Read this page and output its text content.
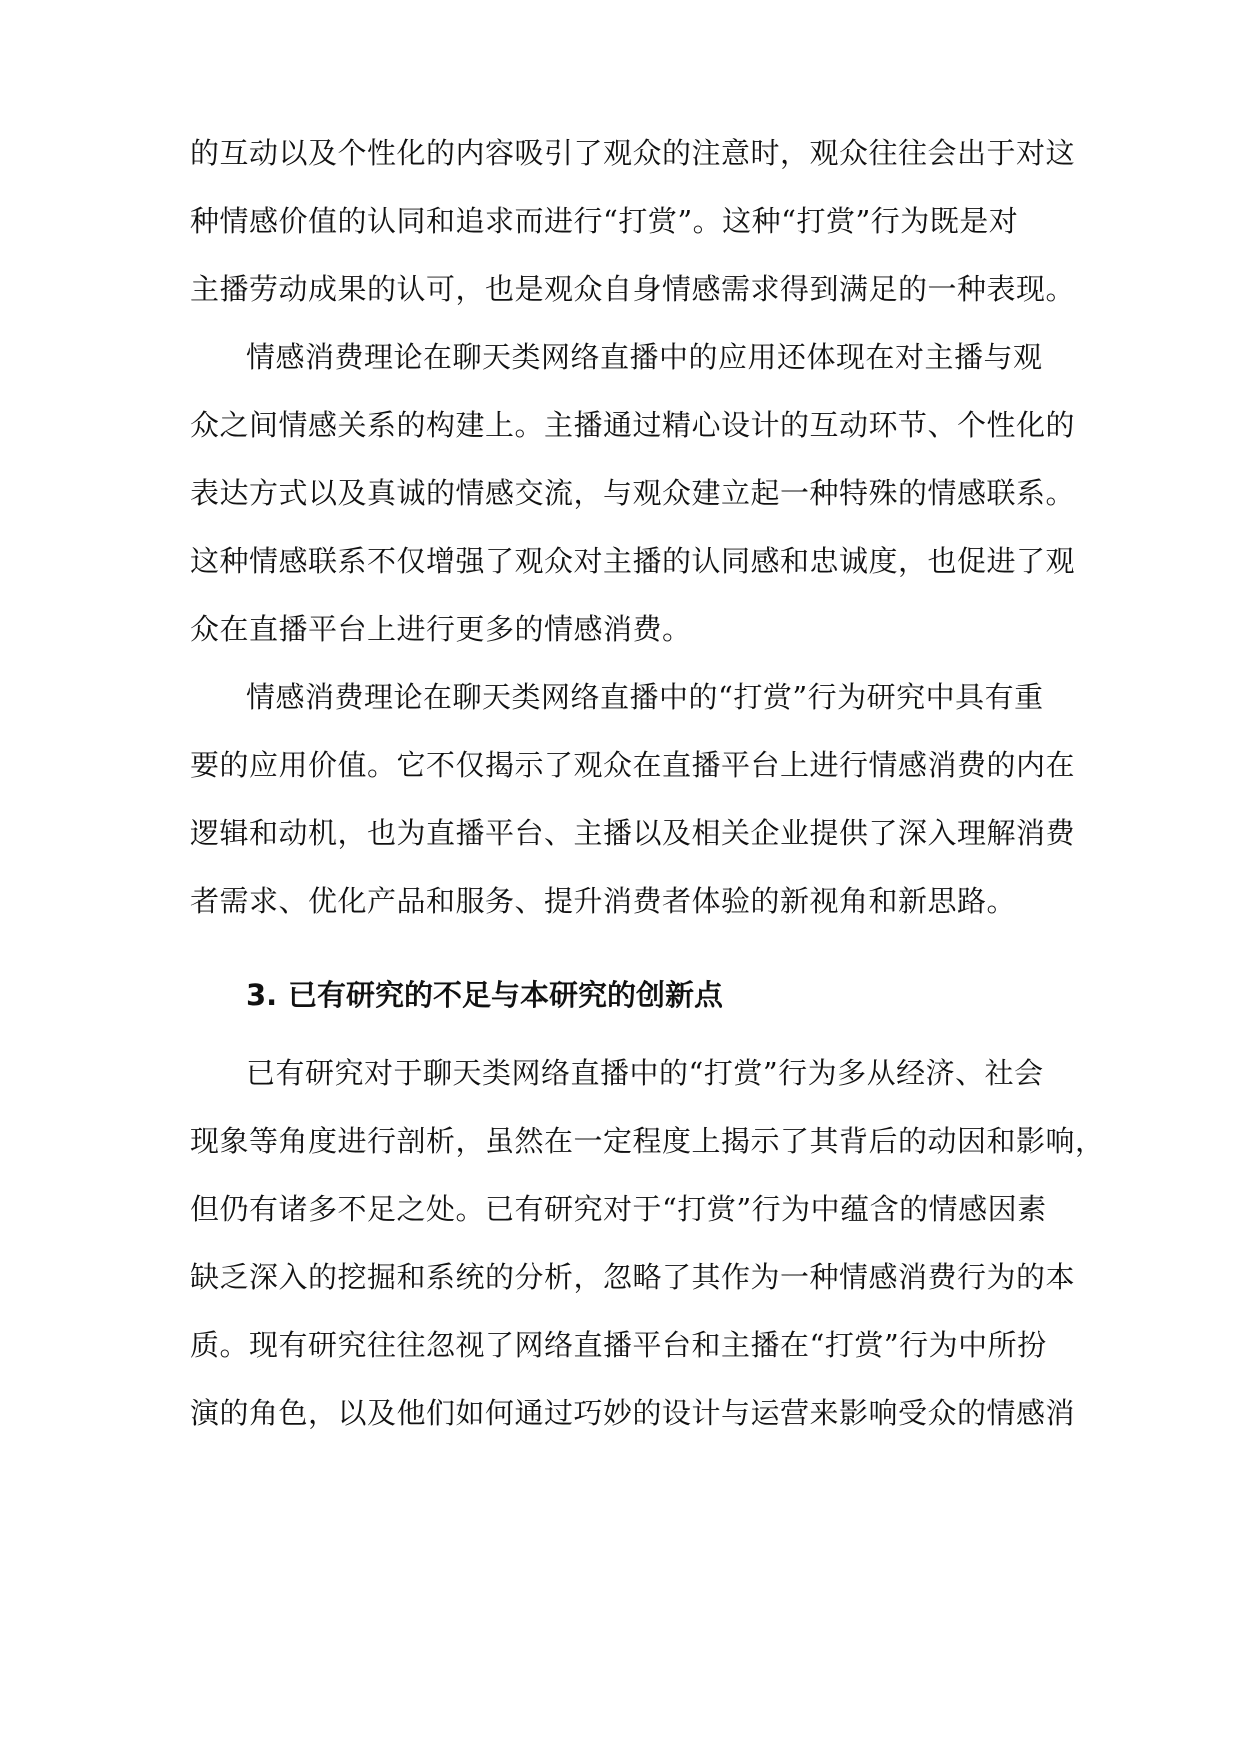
的互动以及个性化的内容吸引了观众的注意时，观众往往会出于对这
种情感价值的认同和追求而进行“打赏”。这种“打赏”行为既是对
主播劳动成果的认可，也是观众自身情感需求得到满足的一种表现。
情感消费理论在聊天类网络直播中的应用还体现在对主播与观
众之间情感关系的构建上。主播通过精心设计的互动环节、个性化的
表达方式以及真诚的情感交流，与观众建立起一种特殊的情感联系。
这种情感联系不仅增强了观众对主播的认同感和忠诚度，也促进了观
众在直播平台上进行更多的情感消费。
情感消费理论在聊天类网络直播中的“打赏”行为研究中具有重
要的应用价值。它不仅揭示了观众在直播平台上进行情感消费的内在
逻辑和动机，也为直播平台、主播以及相关企业提供了深入理解消费
者需求、优化产品和服务、提升消费者体验的新视角和新思路。
3. 已有研究的不足与本研究的创新点
已有研究对于聊天类网络直播中的“打赏”行为多从经济、社会
现象等角度进行剖析，虽然在一定程度上揭示了其背后的动因和影响，
但仍有诸多不足之处。已有研究对于“打赏”行为中蕴含的情感因素
缺乏深入的挖掘和系统的分析，忽略了其作为一种情感消费行为的本
质。现有研究往往忽视了网络直播平台和主播在“打赏”行为中所扮
演的角色，以及他们如何通过巧妙的设计与运营来影响受众的情感消
